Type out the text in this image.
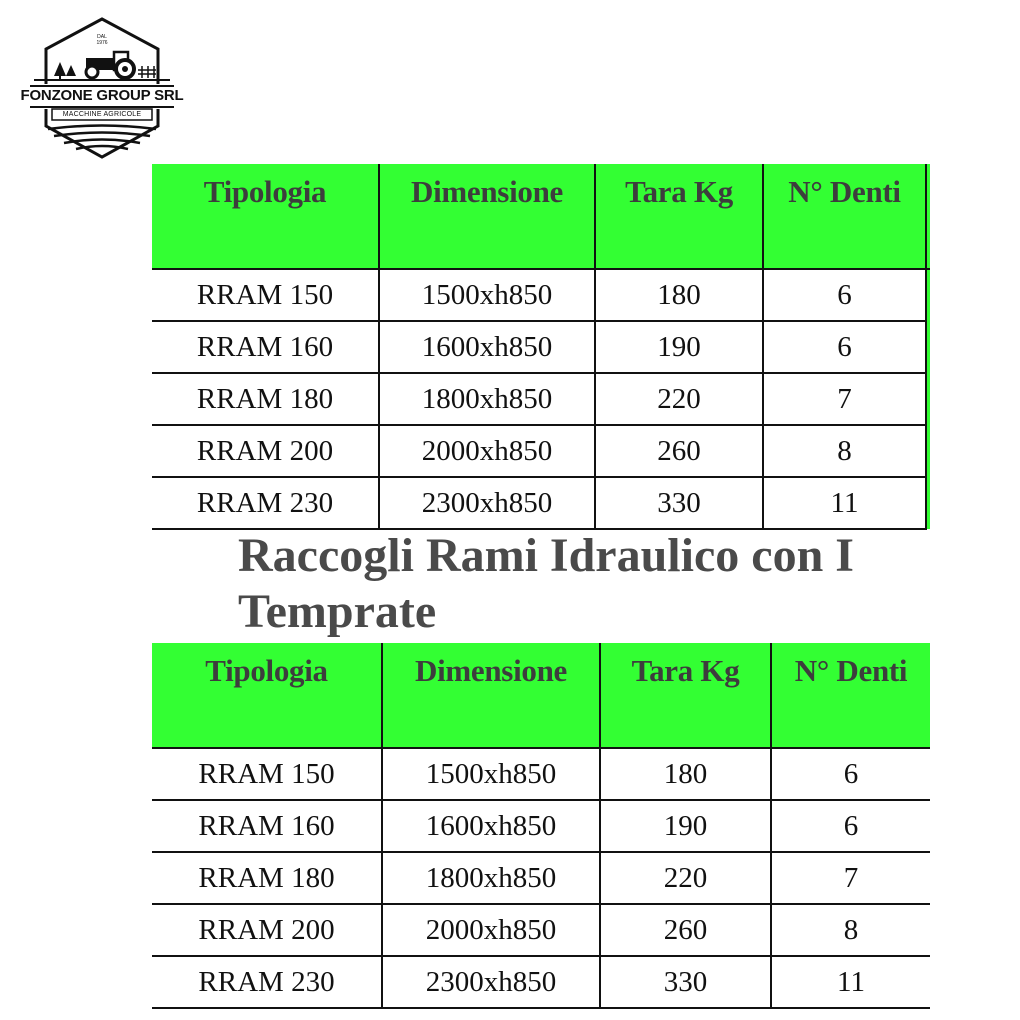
DAL
1976
FONZONE GROUP SRL
MACCHINE AGRICOLE
Tipologia	Dimensione	Tara Kg	N° Denti	
RRAM 150	1500xh850	180	6	
RRAM 160	1600xh850	190	6	
RRAM 180	1800xh850	220	7	
RRAM 200	2000xh850	260	8	
RRAM 230	2300xh850	330	11	
Raccogli Rami Idraulico con I
Temprate
Tipologia	Dimensione	Tara Kg	N° Denti
RRAM 150	1500xh850	180	6
RRAM 160	1600xh850	190	6
RRAM 180	1800xh850	220	7
RRAM 200	2000xh850	260	8
RRAM 230	2300xh850	330	11
